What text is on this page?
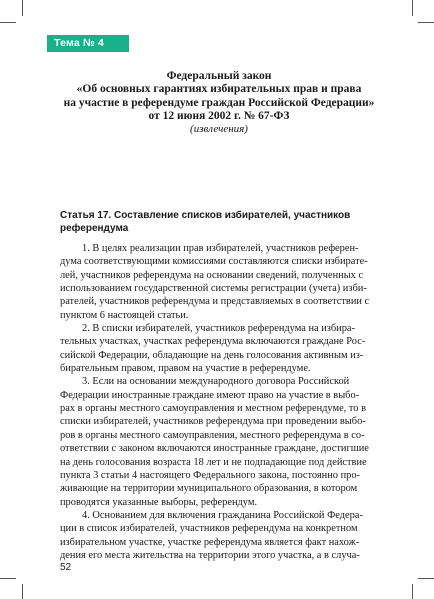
Тема № 4
Федеральный закон
«Об основных гарантиях избирательных прав и права
на участие в референдуме граждан Российской Федерации»
от 12 июня 2002 г. № 67-ФЗ
(извлечения)
Статья 17. Составление списков избирателей, участников
референдума
1. В целях реализации прав избирателей, участников референ-
дума соответствующими комиссиями составляются списки избирате-
лей, участников референдума на основании сведений, полученных с
использованием государственной системы регистрации (учета) изби-
рателей, участников референдума и представляемых в соответствии с
пунктом 6 настоящей статьи.
2. В списки избирателей, участников референдума на избира-
тельных участках, участках референдума включаются граждане Рос-
сийской Федерации, обладающие на день голосования активным из-
бирательным правом, правом на участие в референдуме.
3. Если на основании международного договора Российской
Федерации иностранные граждане имеют право на участие в выбо-
рах в органы местного самоуправления и местном референдуме, то в
списки избирателей, участников референдума при проведении выбо-
ров в органы местного самоуправления, местного референдума в со-
ответствии с законом включаются иностранные граждане, достигшие
на день голосования возраста 18 лет и не подпадающие под действие
пункта 3 статьи 4 настоящего Федерального закона, постоянно про-
живающие на территории муниципального образования, в котором
проводятся указанные выборы, референдум.
4. Основанием для включения гражданина Российской Федера-
ции в список избирателей, участников референдума на конкретном
избирательном участке, участке референдума является факт нахож-
дения его места жительства на территории этого участка, а в случа-
52
